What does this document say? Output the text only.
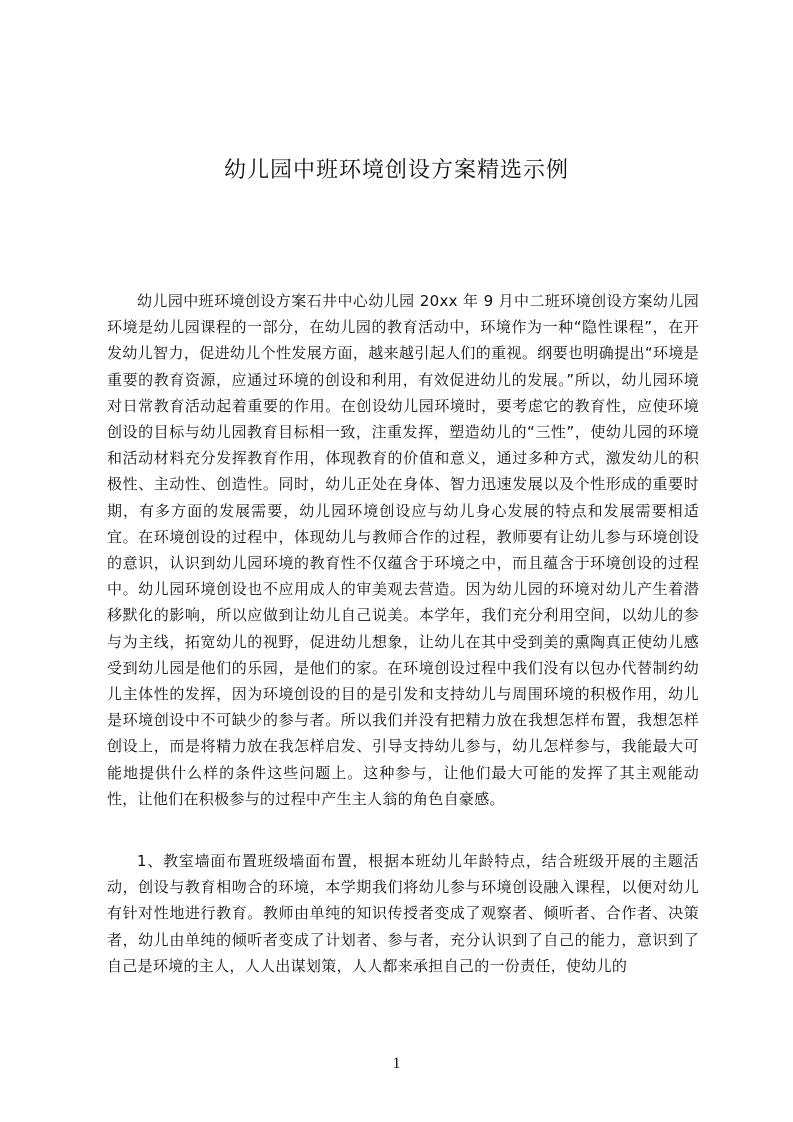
幼儿园中班环境创设方案精选示例

幼儿园中班环境创设方案石井中心幼儿园 20xx 年 9 月中二班环境创设方案幼儿园环境是幼儿园课程的一部分，在幼儿园的教育活动中，环境作为一种“隐性课程”，在开发幼儿智力，促进幼儿个性发展方面，越来越引起人们的重视。纲要也明确提出“环境是重要的教育资源，应通过环境的创设和利用，有效促进幼儿的发展。”所以，幼儿园环境对日常教育活动起着重要的作用。在创设幼儿园环境时，要考虑它的教育性，应使环境创设的目标与幼儿园教育目标相一致，注重发挥，塑造幼儿的“三性”，使幼儿园的环境和活动材料充分发挥教育作用，体现教育的价值和意义，通过多种方式，激发幼儿的积极性、主动性、创造性。同时，幼儿正处在身体、智力迅速发展以及个性形成的重要时期，有多方面的发展需要，幼儿园环境创设应与幼儿身心发展的特点和发展需要相适宜。在环境创设的过程中，体现幼儿与教师合作的过程，教师要有让幼儿参与环境创设的意识，认识到幼儿园环境的教育性不仅蕴含于环境之中，而且蕴含于环境创设的过程中。幼儿园环境创设也不应用成人的审美观去营造。因为幼儿园的环境对幼儿产生着潜移默化的影响，所以应做到让幼儿自己说美。本学年，我们充分利用空间，以幼儿的参与为主线，拓宽幼儿的视野，促进幼儿想象，让幼儿在其中受到美的熏陶真正使幼儿感受到幼儿园是他们的乐园，是他们的家。在环境创设过程中我们没有以包办代替制约幼儿主体性的发挥，因为环境创设的目的是引发和支持幼儿与周围环境的积极作用，幼儿是环境创设中不可缺少的参与者。所以我们并没有把精力放在我想怎样布置，我想怎样创设上，而是将精力放在我怎样启发、引导支持幼儿参与，幼儿怎样参与，我能最大可能地提供什么样的条件这些问题上。这种参与，让他们最大可能的发挥了其主观能动性，让他们在积极参与的过程中产生主人翁的角色自豪感。

1、教室墙面布置班级墙面布置，根据本班幼儿年龄特点，结合班级开展的主题活动，创设与教育相吻合的环境，本学期我们将幼儿参与环境创设融入课程，以便对幼儿有针对性地进行教育。教师由单纯的知识传授者变成了观察者、倾听者、合作者、决策者，幼儿由单纯的倾听者变成了计划者、参与者，充分认识到了自己的能力，意识到了自己是环境的主人，人人出谋划策，人人都来承担自己的一份责任，使幼儿的

1
